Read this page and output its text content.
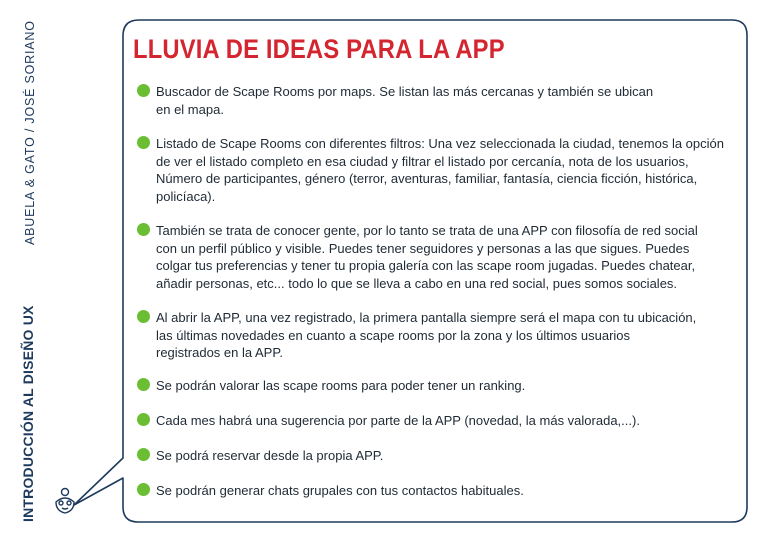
ABUELA & GATO / JOSÉ SORIANO
INTRODUCCIÓN AL DISEÑO UX
LLUVIA DE IDEAS PARA LA APP
Buscador de Scape Rooms por maps. Se listan las más cercanas y también se ubican
en el mapa.
Listado de Scape Rooms con diferentes filtros: Una vez seleccionada la ciudad, tenemos la opción
de ver el listado completo en esa ciudad y filtrar el listado por cercanía, nota de los usuarios,
Número de participantes, género (terror, aventuras, familiar, fantasía, ciencia ficción, histórica,
policíaca).
También se trata de conocer gente, por lo tanto se trata de una APP con filosofía de red social
con un perfil público y visible. Puedes tener seguidores y personas a las que sigues. Puedes
colgar tus preferencias y tener tu propia galería con las scape room jugadas. Puedes chatear,
añadir personas, etc... todo lo que se lleva a cabo en una red social, pues somos sociales.
Al abrir la APP, una vez registrado, la primera pantalla siempre será el mapa con tu ubicación,
las últimas novedades en cuanto a scape rooms por la zona y los últimos usuarios
registrados en la APP.
Se podrán valorar las scape rooms para poder tener un ranking.
Cada mes habrá una sugerencia por parte de la APP (novedad, la más valorada,...).
Se podrá reservar desde la propia APP.
Se podrán generar chats grupales con tus contactos habituales.
